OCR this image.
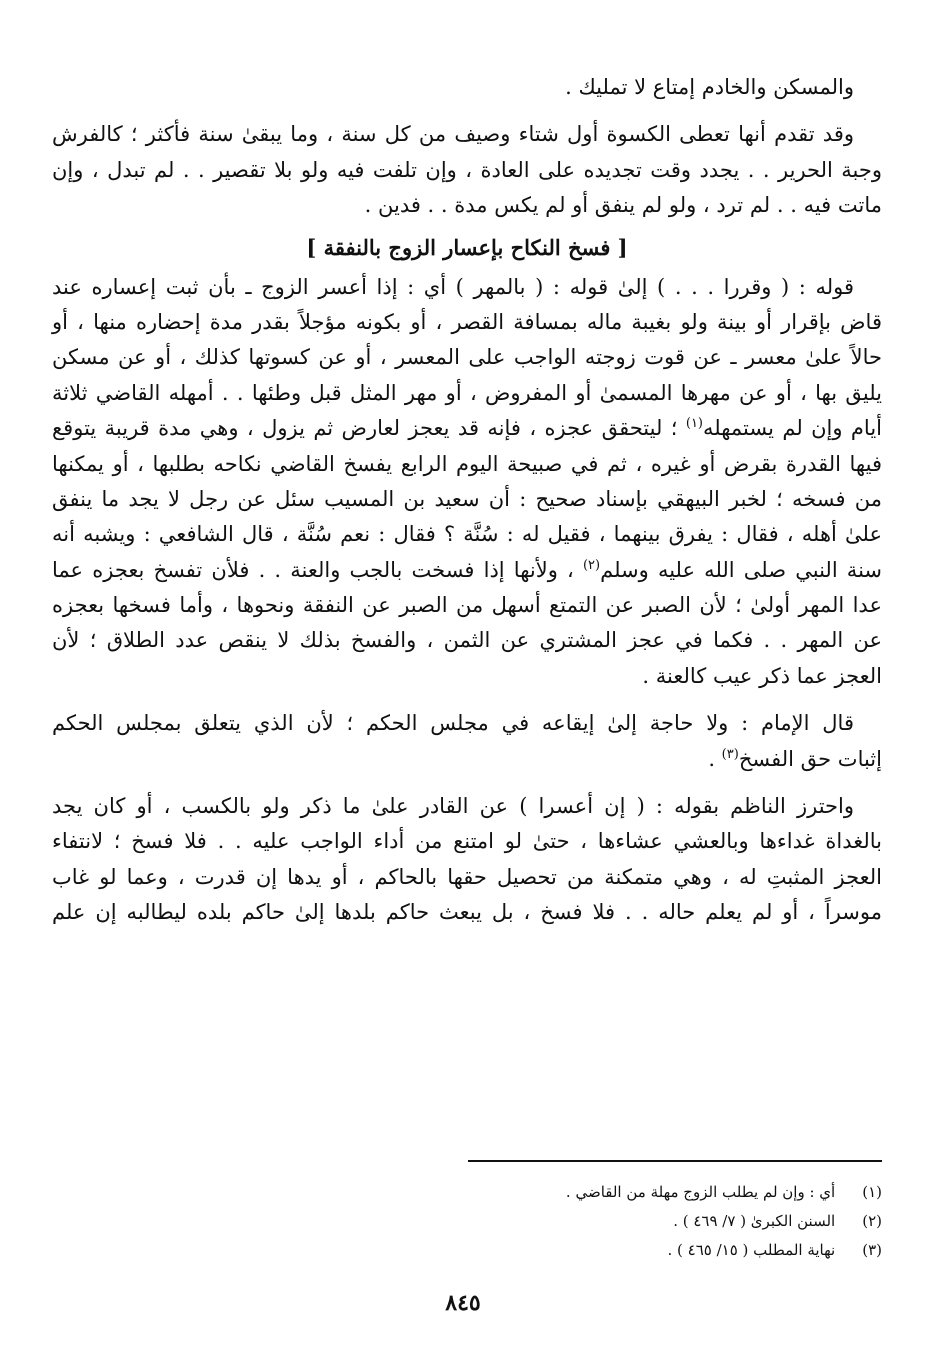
والمسكن والخادم إمتاع لا تمليك .
وقد تقدم أنها تعطى الكسوة أول شتاء وصيف من كل سنة ، وما يبقىٰ سنة فأكثر ؛ كالفرش
وجبة الحرير . . يجدد وقت تجديده على العادة ، وإن تلفت فيه ولو بلا تقصير . . لم تبدل ، وإن
ماتت فيه . . لم ترد ، ولو لم ينفق أو لم يكس مدة . . فدين .
[ فسخ النكاح بإعسار الزوج بالنفقة ]
قوله : ( وقررا . . . ) إلىٰ قوله : ( بالمهر ) أي : إذا أعسر الزوج ـ بأن ثبت إعساره عند
قاض بإقرار أو بينة ولو بغيبة ماله بمسافة القصر ، أو بكونه مؤجلاً بقدر مدة إحضاره منها ، أو
حالاً علىٰ معسر ـ عن قوت زوجته الواجب على المعسر ، أو عن كسوتها كذلك ، أو عن مسكن
يليق بها ، أو عن مهرها المسمىٰ أو المفروض ، أو مهر المثل قبل وطئها . . أمهله القاضي ثلاثة
أيام وإن لم يستمهله$^{(١)}$ ؛ ليتحقق عجزه ، فإنه قد يعجز لعارض ثم يزول ، وهي مدة قريبة يتوقع
فيها القدرة بقرض أو غيره ، ثم في صبيحة اليوم الرابع يفسخ القاضي نكاحه بطلبها ، أو يمكنها
من فسخه ؛ لخبر البيهقي بإسناد صحيح : أن سعيد بن المسيب سئل عن رجل لا يجد ما ينفق
علىٰ أهله ، فقال : يفرق بينهما ، فقيل له : سُنَّة ؟ فقال : نعم سُنَّة ، قال الشافعي : ويشبه أنه
سنة النبي صلى الله عليه وسلم$^{(٢)}$ ، ولأنها إذا فسخت بالجب والعنة . . فلأن تفسخ بعجزه عما
عدا المهر أولىٰ ؛ لأن الصبر عن التمتع أسهل من الصبر عن النفقة ونحوها ، وأما فسخها بعجزه
عن المهر . . فكما في عجز المشتري عن الثمن ، والفسخ بذلك لا ينقص عدد الطلاق ؛ لأن
العجز عما ذكر عيب كالعنة .
قال الإمام : ولا حاجة إلىٰ إيقاعه في مجلس الحكم ؛ لأن الذي يتعلق بمجلس الحكم
إثبات حق الفسخ$^{(٣)}$ .
واحترز الناظم بقوله : ( إن أعسرا ) عن القادر علىٰ ما ذكر ولو بالكسب ، أو كان يجد
بالغداة غداءها وبالعشي عشاءها ، حتىٰ لو امتنع من أداء الواجب عليه . . فلا فسخ ؛ لانتفاء
العجز المثبتِ له ، وهي متمكنة من تحصيل حقها بالحاكم ، أو يدها إن قدرت ، وعما لو غاب
موسراً ، أو لم يعلم حاله . . فلا فسخ ، بل يبعث حاكم بلدها إلىٰ حاكم بلده ليطالبه إن علم
(١) أي : وإن لم يطلب الزوج مهلة من القاضي .
(٢) السنن الكبرىٰ ( ٧/ ٤٦٩ ) .
(٣) نهاية المطلب ( ١٥/ ٤٦٥ ) .
٨٤٥
